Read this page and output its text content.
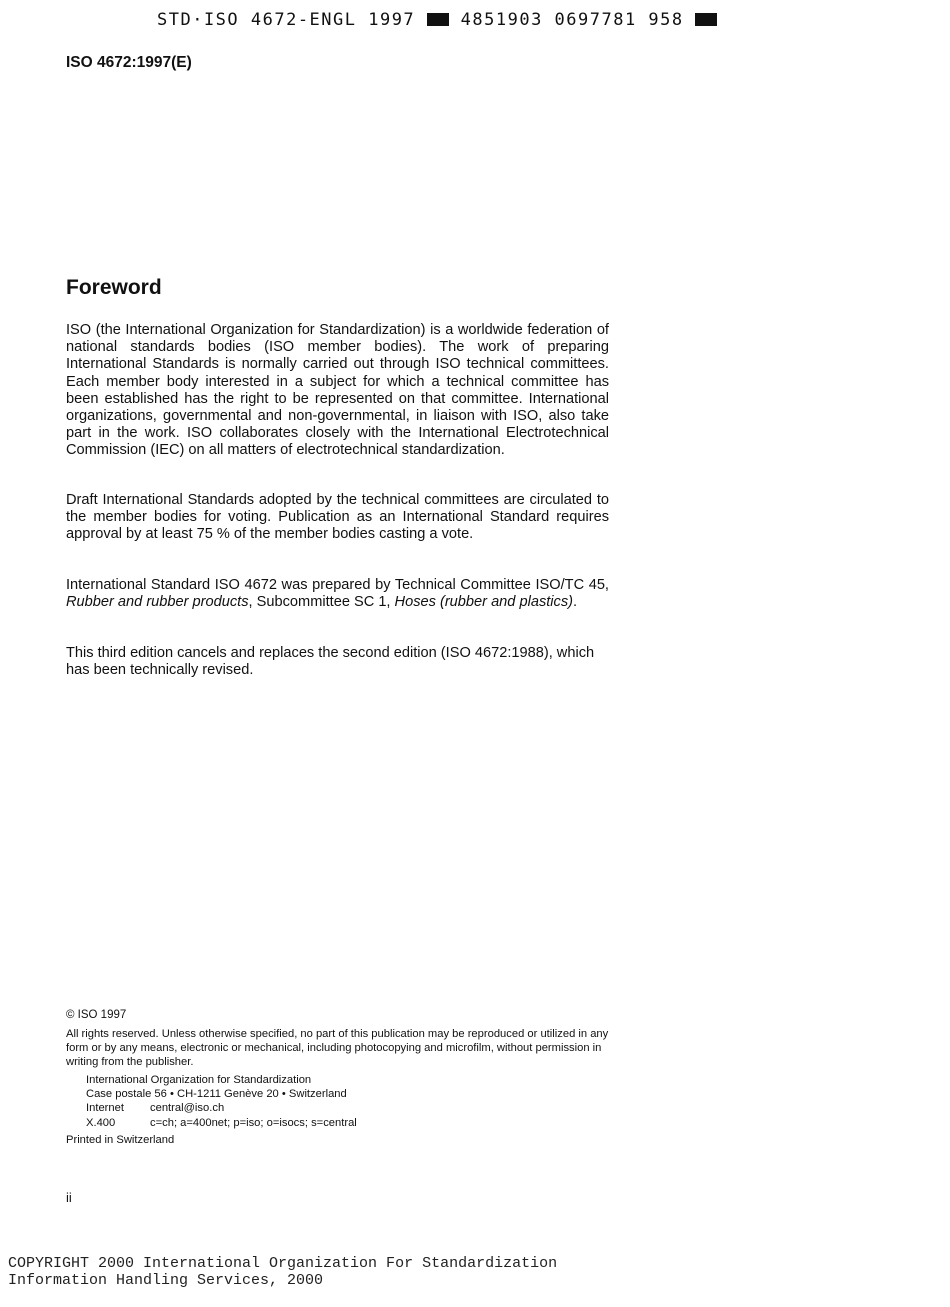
STD·ISO 4672-ENGL 1997	4851903 0697781 958
ISO 4672:1997(E)
Foreword
ISO (the International Organization for Standardization) is a worldwide federation of national standards bodies (ISO member bodies). The work of preparing International Standards is normally carried out through ISO technical committees. Each member body interested in a subject for which a technical committee has been established has the right to be represented on that committee. International organizations, governmental and non-governmental, in liaison with ISO, also take part in the work. ISO collaborates closely with the International Electrotechnical Commission (IEC) on all matters of electrotechnical standardization.
Draft International Standards adopted by the technical committees are circulated to the member bodies for voting. Publication as an International Standard requires approval by at least 75 % of the member bodies casting a vote.
International Standard ISO 4672 was prepared by Technical Committee ISO/TC 45, Rubber and rubber products, Subcommittee SC 1, Hoses (rubber and plastics).
This third edition cancels and replaces the second edition (ISO 4672:1988), which has been technically revised.
© ISO 1997
All rights reserved. Unless otherwise specified, no part of this publication may be reproduced or utilized in any form or by any means, electronic or mechanical, including photocopying and microfilm, without permission in writing from the publisher.
International Organization for Standardization
Case postale 56 • CH-1211 Genève 20 • Switzerland
Internet central@iso.ch
X.400	c=ch; a=400net; p=iso; o=isocs; s=central
Printed in Switzerland
ii
COPYRIGHT 2000 International Organization For Standardization
Information Handling Services, 2000
